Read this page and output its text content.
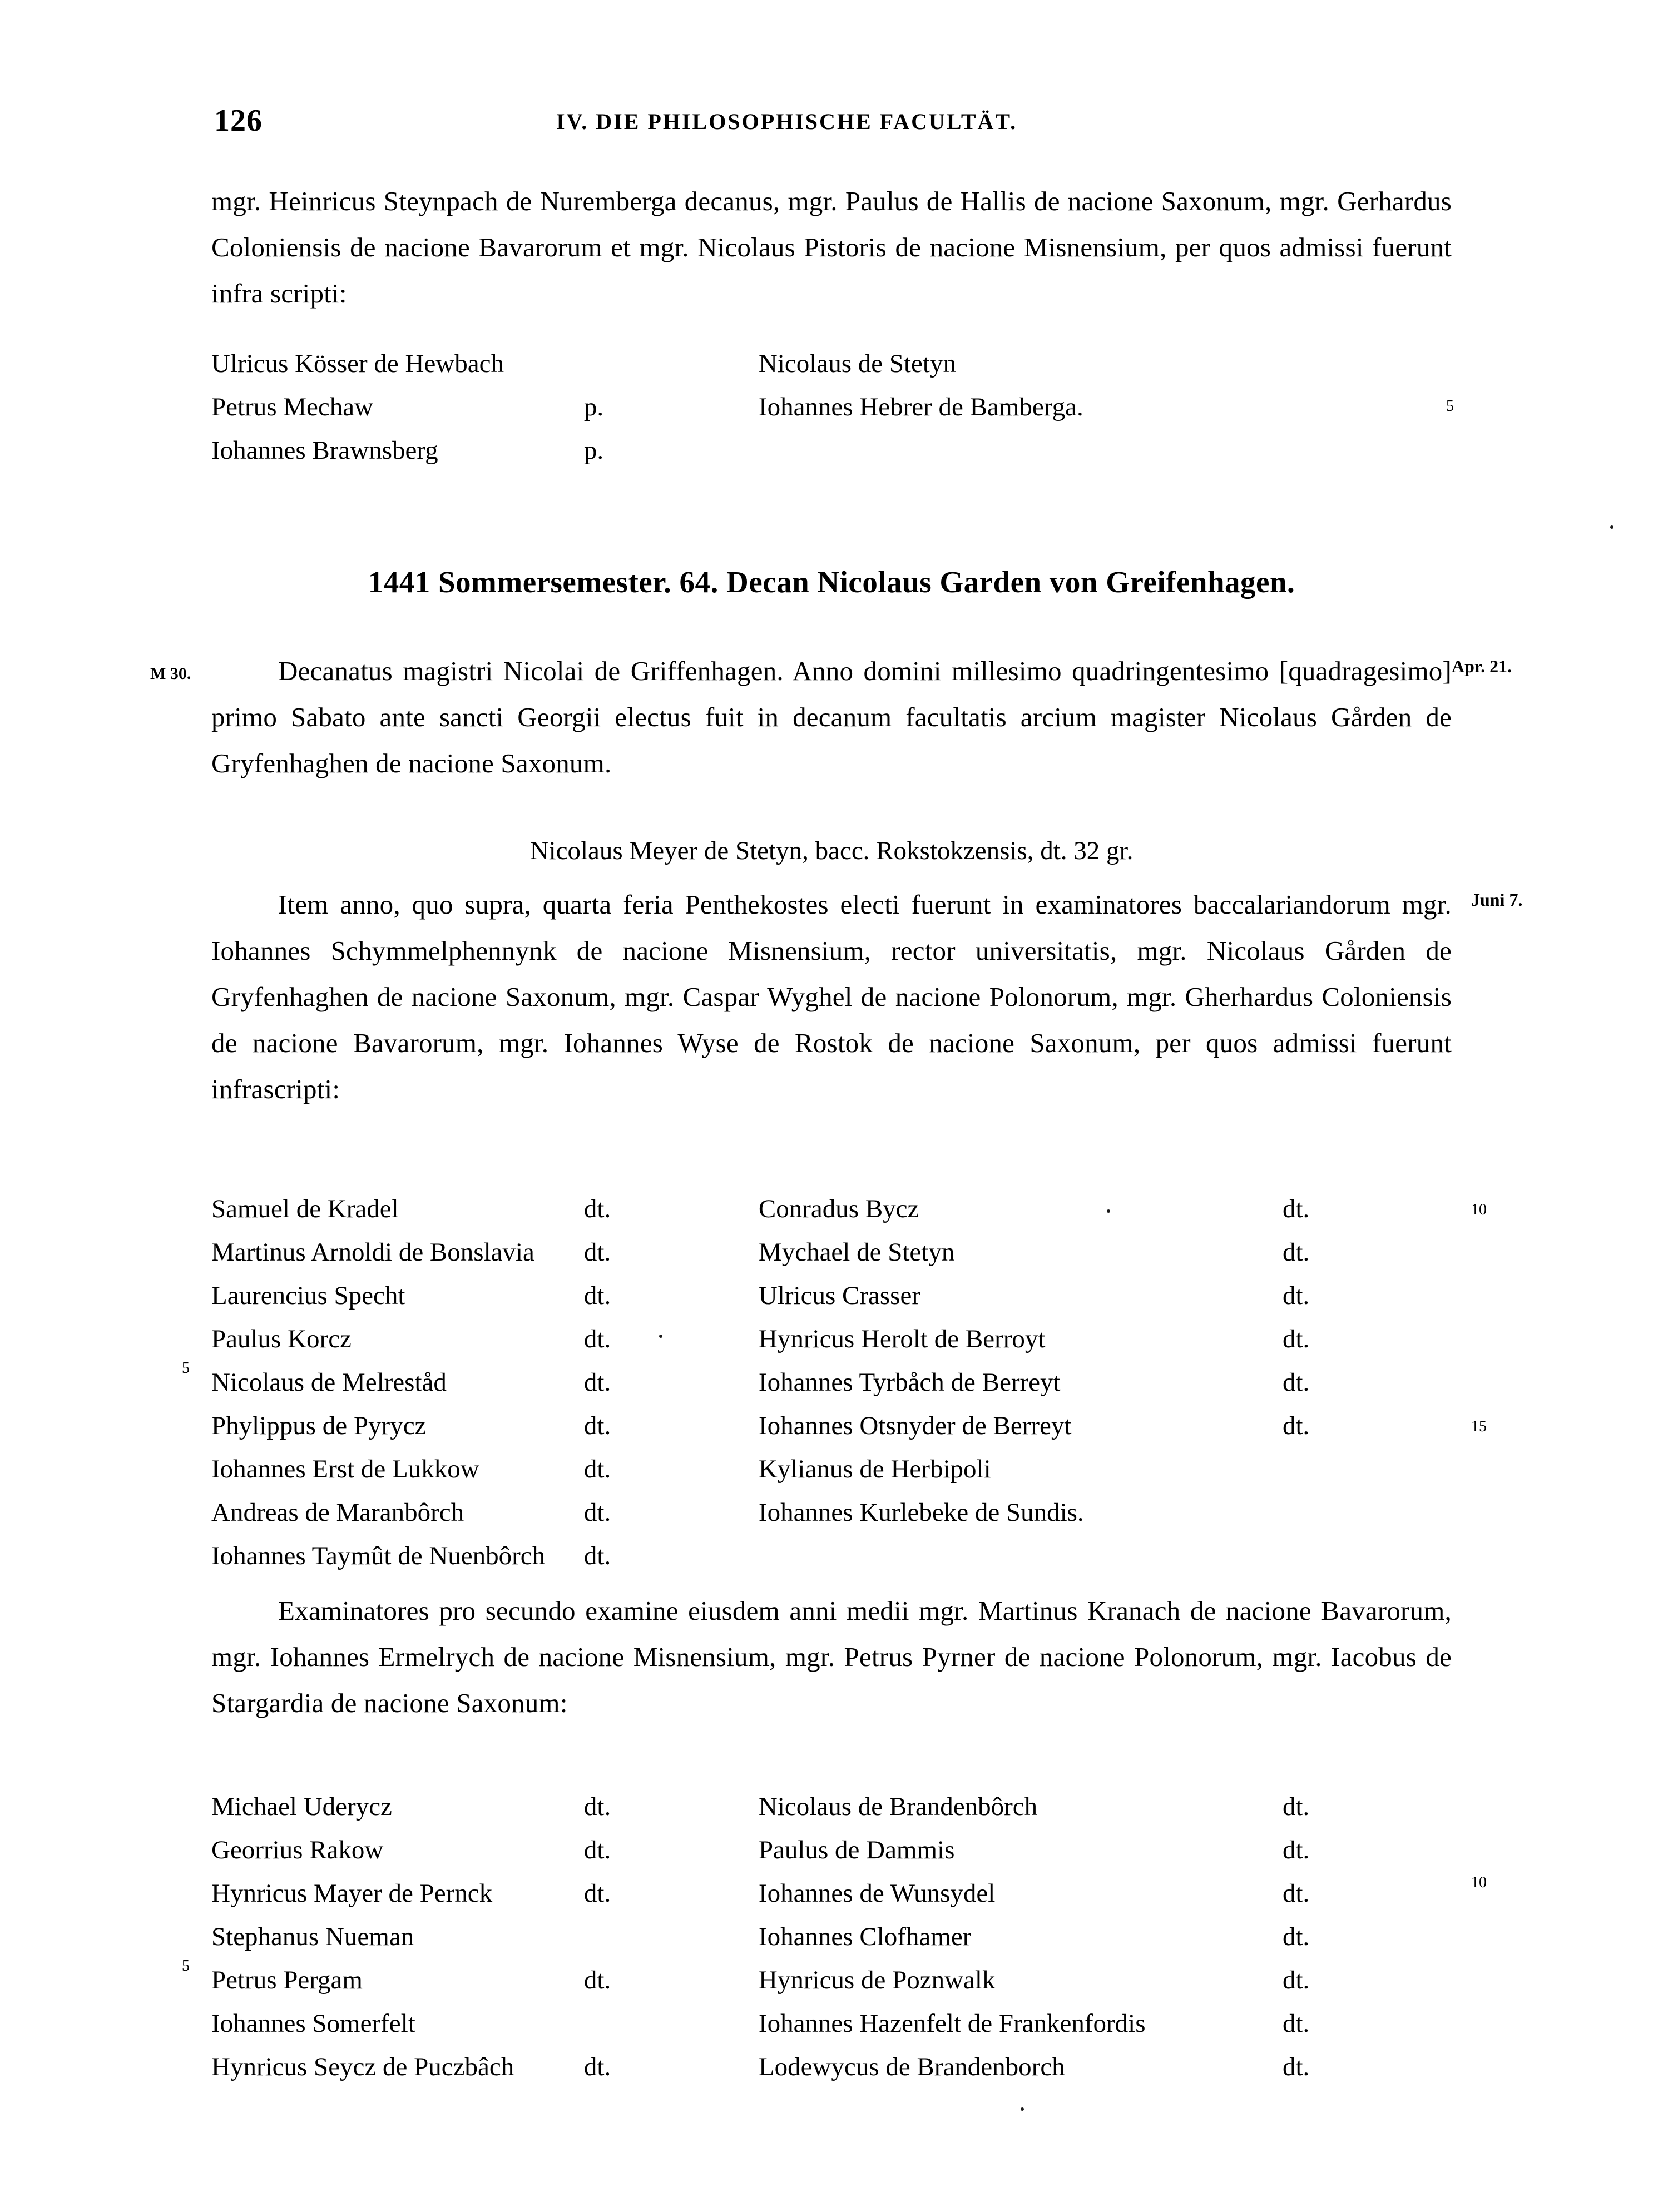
126	IV. DIE PHILOSOPHISCHE FACULTÄT.

mgr. Heinricus Steynpach de Nuremberga decanus, mgr. Paulus de Hallis de nacione Saxonum, mgr. Gerhardus Coloniensis de nacione Bavarorum et mgr. Nicolaus Pistoris de nacione Misnensium, per quos admissi fuerunt infra scripti:

Ulricus Kösser de Hewbach		Nicolaus de Stetyn	
Petrus Mechaw	p.	Iohannes Hebrer de Bamberga.	
Iohannes Brawnsberg	p.		
5
1441 Sommersemester. 64. Decan Nicolaus Garden von Greifenhagen.
M 30.	Apr. 21.

Decanatus magistri Nicolai de Griffenhagen. Anno domini millesimo quadringentesimo [quadragesimo] primo Sabato ante sancti Georgii electus fuit in decanum facultatis arcium magister Nicolaus Gården de Gryfenhaghen de nacione Saxonum.

Nicolaus Meyer de Stetyn, bacc. Rokstokzensis, dt. 32 gr.
Juni 7.

Item anno, quo supra, quarta feria Penthekostes electi fuerunt in examinatores baccalariandorum mgr. Iohannes Schymmelphennynk de nacione Misnensium, rector universitatis, mgr. Nicolaus Gården de Gryfenhaghen de nacione Saxonum, mgr. Caspar Wyghel de nacione Polonorum, mgr. Gherhardus Coloniensis de nacione Bavarorum, mgr. Iohannes Wyse de Rostok de nacione Saxonum, per quos admissi fuerunt infrascripti:

Samuel de Kradel	dt.	Conradus Bycz	dt.
Martinus Arnoldi de Bonslavia	dt.	Mychael de Stetyn	dt.
Laurencius Specht	dt.	Ulricus Crasser	dt.
Paulus Korcz	dt.	Hynricus Herolt de Berroyt	dt.
Nicolaus de Melreståd	dt.	Iohannes Tyrbåch de Berreyt	dt.
Phylippus de Pyrycz	dt.	Iohannes Otsnyder de Berreyt	dt.
Iohannes Erst de Lukkow	dt.	Kylianus de Herbipoli	
Andreas de Maranbôrch	dt.	Iohannes Kurlebeke de Sundis.	
Iohannes Taymût de Nuenbôrch	dt.		
5
10
15

Examinatores pro secundo examine eiusdem anni medii mgr. Martinus Kranach de nacione Bavarorum, mgr. Iohannes Ermelrych de nacione Misnensium, mgr. Petrus Pyrner de nacione Polonorum, mgr. Iacobus de Stargardia de nacione Saxonum:

Michael Uderycz	dt.	Nicolaus de Brandenbôrch	dt.
Georrius Rakow	dt.	Paulus de Dammis	dt.
Hynricus Mayer de Pernck	dt.	Iohannes de Wunsydel	dt.
Stephanus Nueman		Iohannes Clofhamer	dt.
Petrus Pergam	dt.	Hynricus de Poznwalk	dt.
Iohannes Somerfelt		Iohannes Hazenfelt de Frankenfordis	dt.
Hynricus Seycz de Puczbâch	dt.	Lodewycus de Brandenborch	dt.
5
10
